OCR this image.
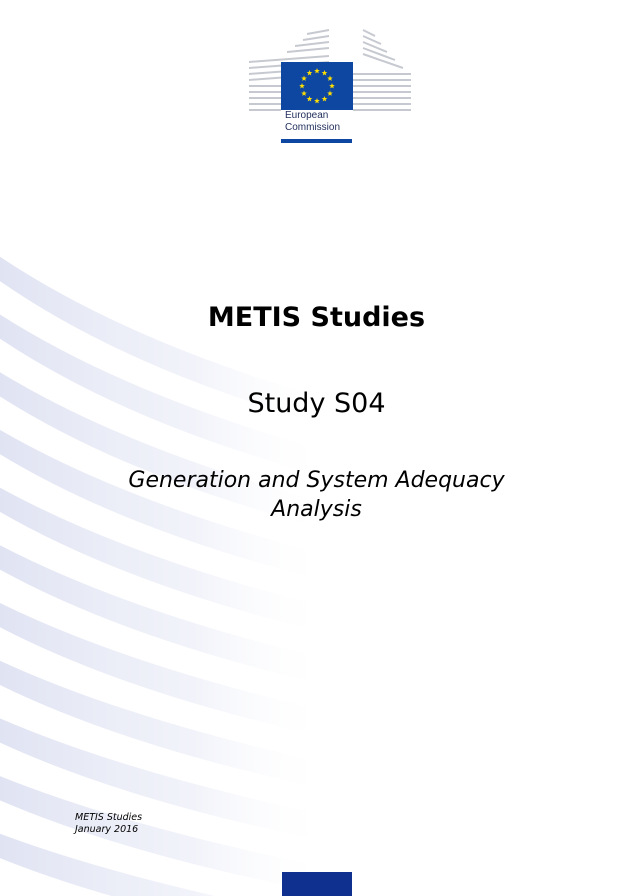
European
Commission
METIS Studies
Study S04
Generation and System Adequacy
Analysis
METIS Studies
January 2016
